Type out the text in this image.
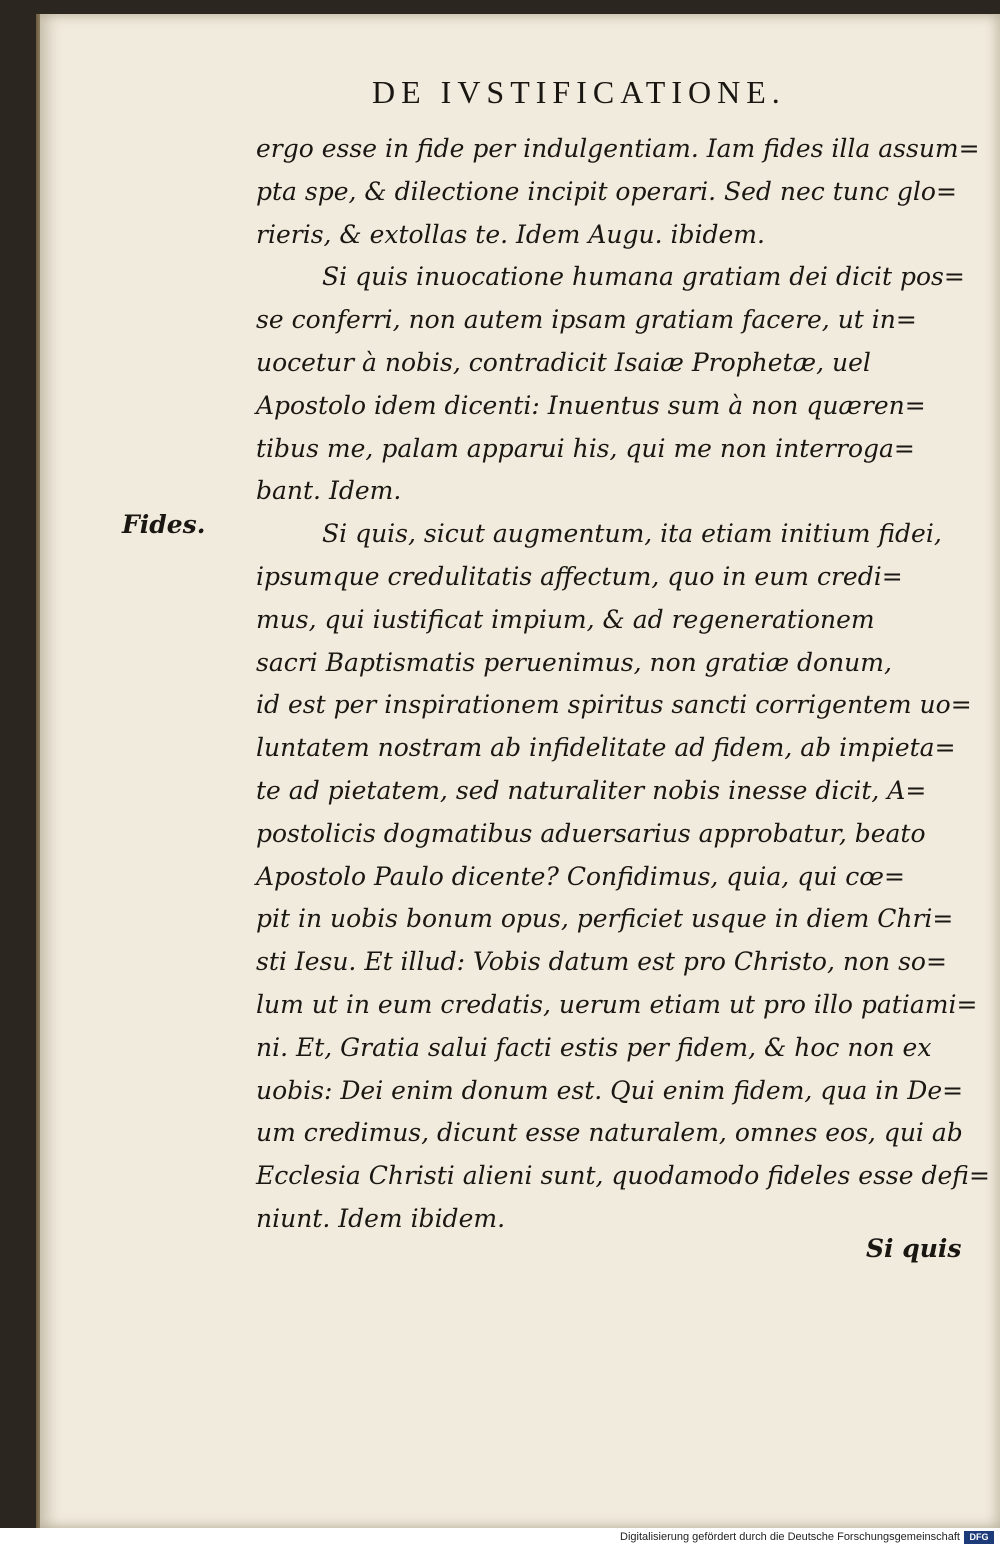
DE IVSTIFICATIONE.
Fides.
ergo esse in fide per indulgentiam. Iam fides illa assum=
pta spe, & dilectione incipit operari. Sed nec tunc glo=
rieris, & extollas te. Idem Augu. ibidem.
Si quis inuocatione humana gratiam dei dicit pos=
se conferri, non autem ipsam gratiam facere, ut in=
uocetur à nobis, contradicit Isaiæ Prophetæ, uel
Apostolo idem dicenti: Inuentus sum à non quæren=
tibus me, palam apparui his, qui me non interroga=
bant. Idem.
Si quis, sicut augmentum, ita etiam initium fidei,
ipsumque credulitatis affectum, quo in eum credi=
mus, qui iustificat impium, & ad regenerationem
sacri Baptismatis peruenimus, non gratiæ donum,
id est per inspirationem spiritus sancti corrigentem uo=
luntatem nostram ab infidelitate ad fidem, ab impieta=
te ad pietatem, sed naturaliter nobis inesse dicit, A=
postolicis dogmatibus aduersarius approbatur, beato
Apostolo Paulo dicente? Confidimus, quia, qui cœ=
pit in uobis bonum opus, perficiet usque in diem Chri=
sti Iesu. Et illud: Vobis datum est pro Christo, non so=
lum ut in eum credatis, uerum etiam ut pro illo patiami=
ni. Et, Gratia salui facti estis per fidem, & hoc non ex
uobis: Dei enim donum est. Qui enim fidem, qua in De=
um credimus, dicunt esse naturalem, omnes eos, qui ab
Ecclesia Christi alieni sunt, quodamodo fideles esse defi=
niunt. Idem ibidem.
Si quis
Digitalisierung gefördert durch die Deutsche Forschungsgemeinschaft	DFG
